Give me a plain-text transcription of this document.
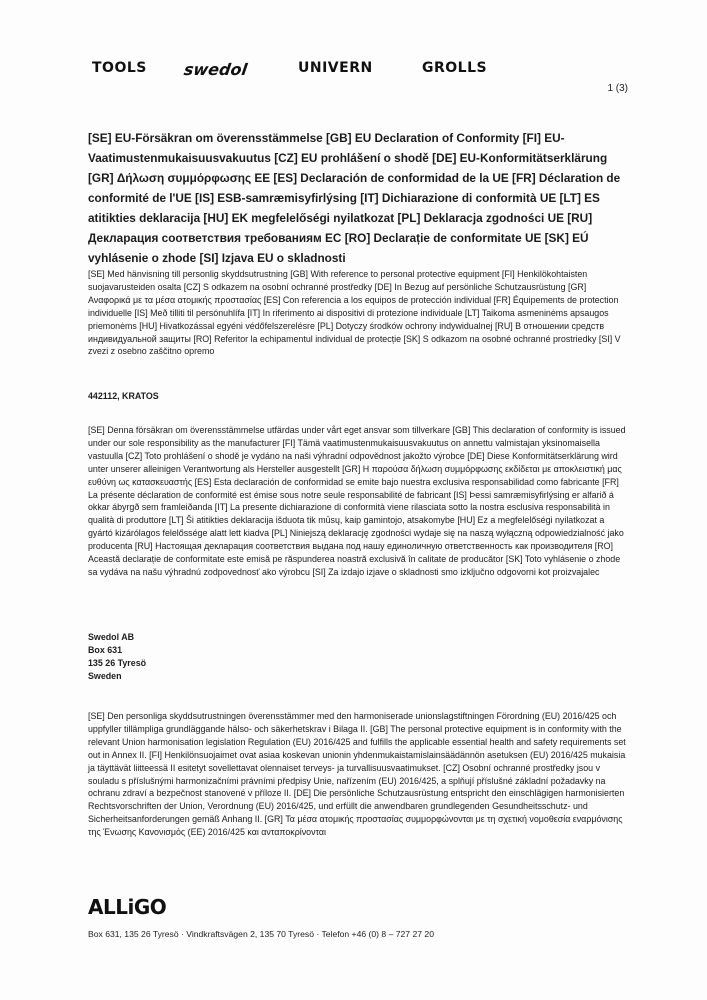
TOOLS swedol	UNIVERN	GROLLS
1 (3)
[SE] EU-Försäkran om överensstämmelse [GB] EU Declaration of Conformity [FI] EU-Vaatimustenmukaisuusvakuutus [CZ] EU prohlášení o shodě [DE] EU-Konformitätserklärung [GR] Δήλωση συμμόρφωσης ΕΕ [ES] Declaración de conformidad de la UE [FR] Déclaration de conformité de l'UE [IS] ESB-samræmisyfirlýsing [IT] Dichiarazione di conformità UE [LT] ES atitikties deklaracija [HU] EK megfelelőségi nyilatkozat [PL] Deklaracja zgodności UE [RU] Декларация соответствия требованиям ЕС [RO] Declarație de conformitate UE [SK] EÚ vyhlásenie o zhode [SI] Izjava EU o skladnosti
[SE] Med hänvisning till personlig skyddsutrustning [GB] With reference to personal protective equipment [FI] Henkilökohtaisten suojavarusteiden osalta [CZ] S odkazem na osobní ochranné prostředky [DE] In Bezug auf persönliche Schutzausrüstung [GR] Αναφορικά με τα μέσα ατομικής προστασίας [ES] Con referencia a los equipos de protección individual [FR] Équipements de protection individuelle [IS] Með tilliti til persónuhlífa [IT] In riferimento ai dispositivi di protezione individuale [LT] Taikoma asmeninėms apsaugos priemonėms [HU] Hivatkozással egyéni védőfelszerelésre [PL] Dotyczy środków ochrony indywidualnej [RU] В отношении средств индивидуальной защиты [RO] Referitor la echipamentul individual de protecție [SK] S odkazom na osobné ochranné prostriedky [SI] V zvezi z osebno zaščitno opremo
442112, KRATOS
[SE] Denna försäkran om överensstämmelse utfärdas under vårt eget ansvar som tillverkare [GB] This declaration of conformity is issued under our sole responsibility as the manufacturer [FI] Tämä vaatimustenmukaisuusvakuutus on annettu valmistajan yksinomaisella vastuulla [CZ] Toto prohlášení o shodě je vydáno na naši výhradní odpovědnost jakožto výrobce [DE] Diese Konformitätserklärung wird unter unserer alleinigen Verantwortung als Hersteller ausgestellt [GR] Η παρούσα δήλωση συμμόρφωσης εκδίδεται με αποκλειστική μας ευθύνη ως κατασκευαστής [ES] Esta declaración de conformidad se emite bajo nuestra exclusiva responsabilidad como fabricante [FR] La présente déclaration de conformité est émise sous notre seule responsabilité de fabricant [IS] Þessi samræmisyfirlýsing er alfarið á okkar ábyrgð sem framleiðanda [IT] La presente dichiarazione di conformità viene rilasciata sotto la nostra esclusiva responsabilità in qualità di produttore [LT] Ši atitikties deklaracija išduota tik mūsų, kaip gamintojo, atsakomybe [HU] Ez a megfelelőségi nyilatkozat a gyártó kizárólagos felelőssége alatt lett kiadva [PL] Niniejszą deklarację zgodności wydaje się na naszą wyłączną odpowiedzialność jako producenta [RU] Настоящая декларация соответствия выдана под нашу единоличную ответственность как производителя [RO] Această declarație de conformitate este emisă pe răspunderea noastră exclusivă în calitate de producător [SK] Toto vyhlásenie o zhode sa vydáva na našu výhradnú zodpovednosť ako výrobcu [SI] Za izdajo izjave o skladnosti smo izključno odgovorni kot proizvajalec
Swedol AB
Box 631
135 26 Tyresö
Sweden
[SE] Den personliga skyddsutrustningen överensstämmer med den harmoniserade unionslagstiftningen Förordning (EU) 2016/425 och uppfyller tillämpliga grundläggande hälso- och säkerhetskrav i Bilaga II. [GB] The personal protective equipment is in conformity with the relevant Union harmonisation legislation Regulation (EU) 2016/425 and fulfills the applicable essential health and safety requirements set out in Annex II. [FI] Henkilönsuojaimet ovat asiaa koskevan unionin yhdenmukaistamislainsäädännön asetuksen (EU) 2016/425 mukaisia ja täyttävät liitteessä II esitetyt sovellettavat olennaiset terveys- ja turvallisuusvaatimukset. [CZ] Osobní ochranné prostředky jsou v souladu s příslušnými harmonizačními právními předpisy Unie, nařízením (EU) 2016/425, a splňují příslušné základní požadavky na ochranu zdraví a bezpečnost stanovené v příloze II. [DE] Die persönliche Schutzausrüstung entspricht den einschlägigen harmonisierten Rechtsvorschriften der Union, Verordnung (EU) 2016/425, und erfüllt die anwendbaren grundlegenden Gesundheitsschutz- und Sicherheitsanforderungen gemäß Anhang II. [GR] Τα μέσα ατομικής προστασίας συμμορφώνονται με τη σχετική νομοθεσία εναρμόνισης της Ένωσης Κανονισμός (ΕΕ) 2016/425 και ανταποκρίνονται
ALLiGO
Box 631, 135 26 Tyresö · Vindkraftsvägen 2, 135 70 Tyresö · Telefon +46 (0) 8 – 727 27 20
